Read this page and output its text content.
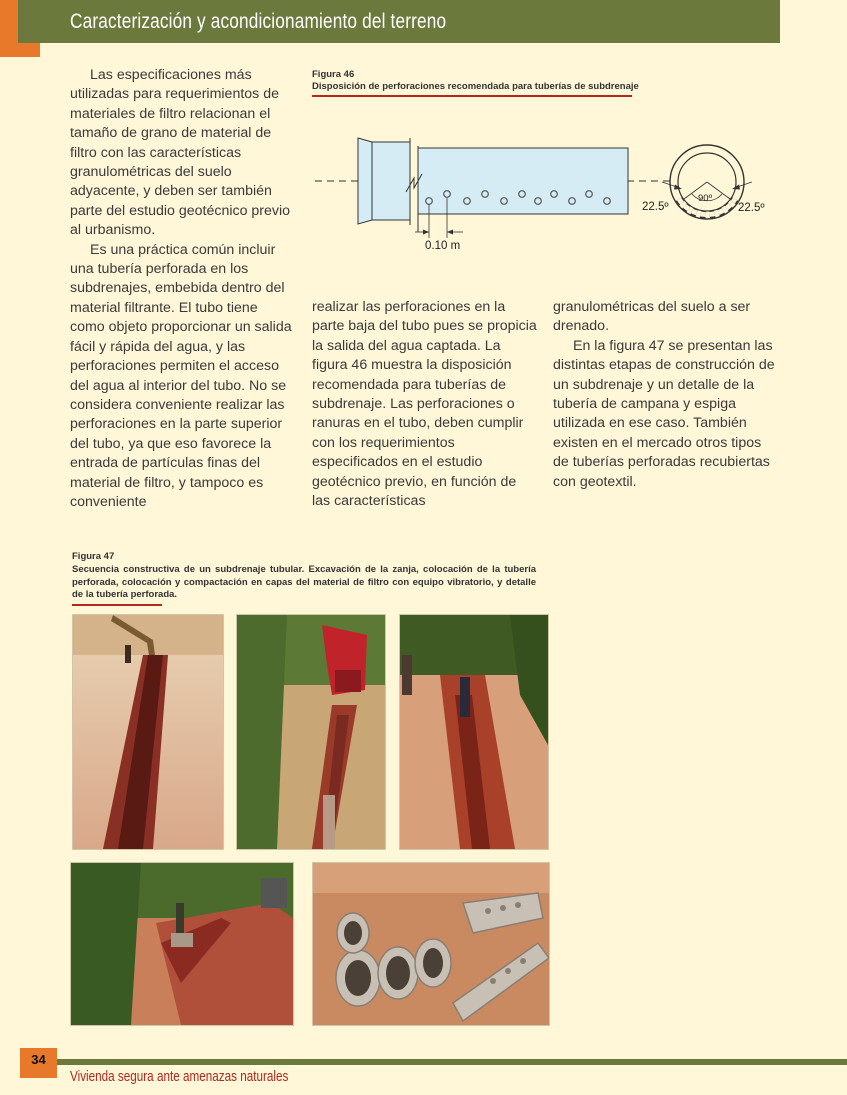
Caracterización y acondicionamiento del terreno

Las especificaciones más utilizadas para requerimientos de materiales de filtro relacionan el tamaño de grano de material de filtro con las características granulométricas del suelo adyacente, y deben ser también parte del estudio geotécnico previo al urbanismo.

Es una práctica común incluir una tubería perforada en los subdrenajes, embebida dentro del material filtrante. El tubo tiene como objeto proporcionar un salida fácil y rápida del agua, y las perforaciones permiten el acceso del agua al interior del tubo. No se considera conveniente realizar las perforaciones en la parte superior del tubo, ya que eso favorece la entrada de partículas finas del material de filtro, y tampoco es conveniente

realizar las perforaciones en la parte baja del tubo pues se propicia la salida del agua captada. La figura 46 muestra la disposición recomendada para tuberías de subdrenaje. Las perforaciones o ranuras en el tubo, deben cumplir con los requerimientos especificados en el estudio geotécnico previo, en función de las características

granulométricas del suelo a ser drenado.

En la figura 47 se presentan las distintas etapas de construcción de un subdrenaje y un detalle de la tubería de campana y espiga utilizada en ese caso. También existen en el mercado otros tipos de tuberías perforadas recubiertas con geotextil.

Figura 46
Disposición de perforaciones recomendada para tuberías de subdrenaje
0.10 m
90º
22.5º	22.5º
Figura 47
Secuencia constructiva de un subdrenaje tubular. Excavación de la zanja, colocación de la tubería perforada, colocación y compactación en capas del material de filtro con equipo vibratorio, y detalle de la tubería perforada.
34
Vivienda segura ante amenazas naturales
